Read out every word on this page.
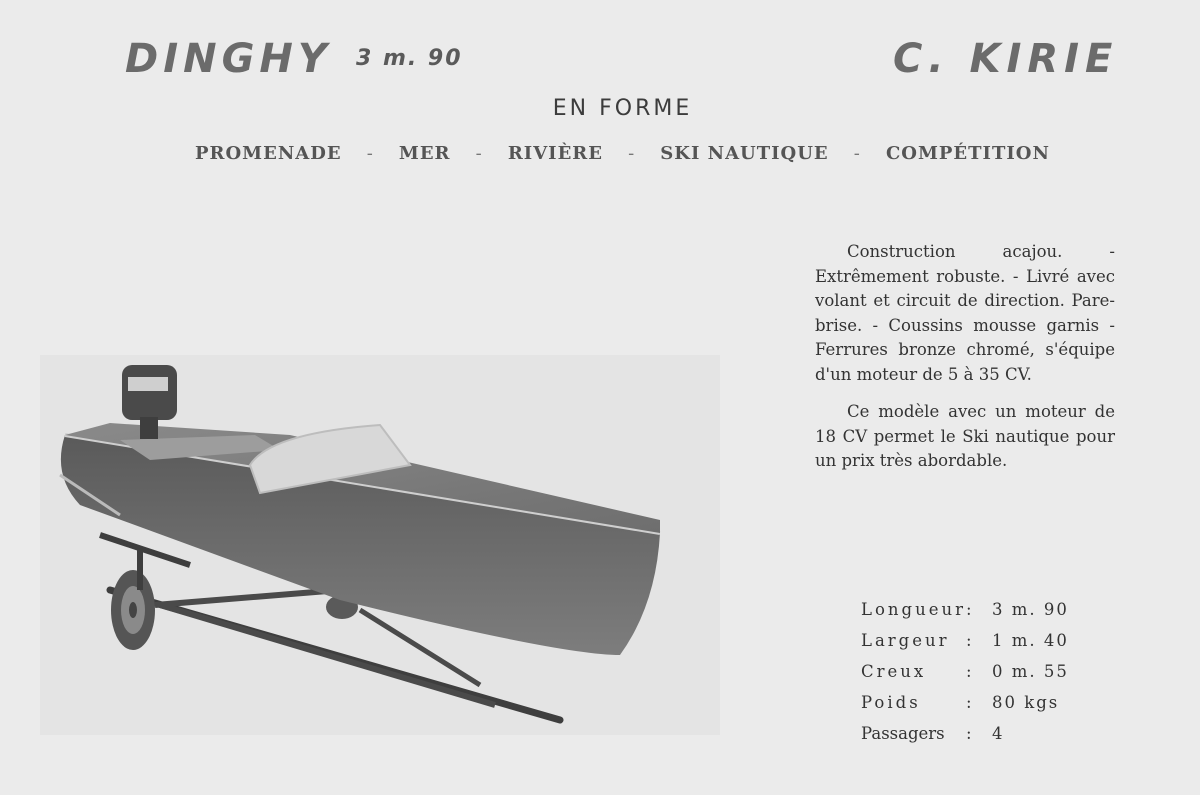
DINGHY 3 m. 90	C. KIRIE
EN FORME
PROMENADE - MER - RIVIÈRE - SKI NAUTIQUE - COMPÉTITION

Construction acajou. - Extrêmement robuste. - Livré avec volant et circuit de direction. Pare-brise. - Coussins mousse garnis - Ferrures bronze chromé, s'équipe d'un moteur de 5 à 35 CV.

Ce modèle avec un moteur de 18 CV permet le Ski nautique pour un prix très abordable.

Longueur	:	3 m. 90
Largeur	:	1 m. 40
Creux	:	0 m. 55
Poids	:	80 kgs
Passagers	:	4
